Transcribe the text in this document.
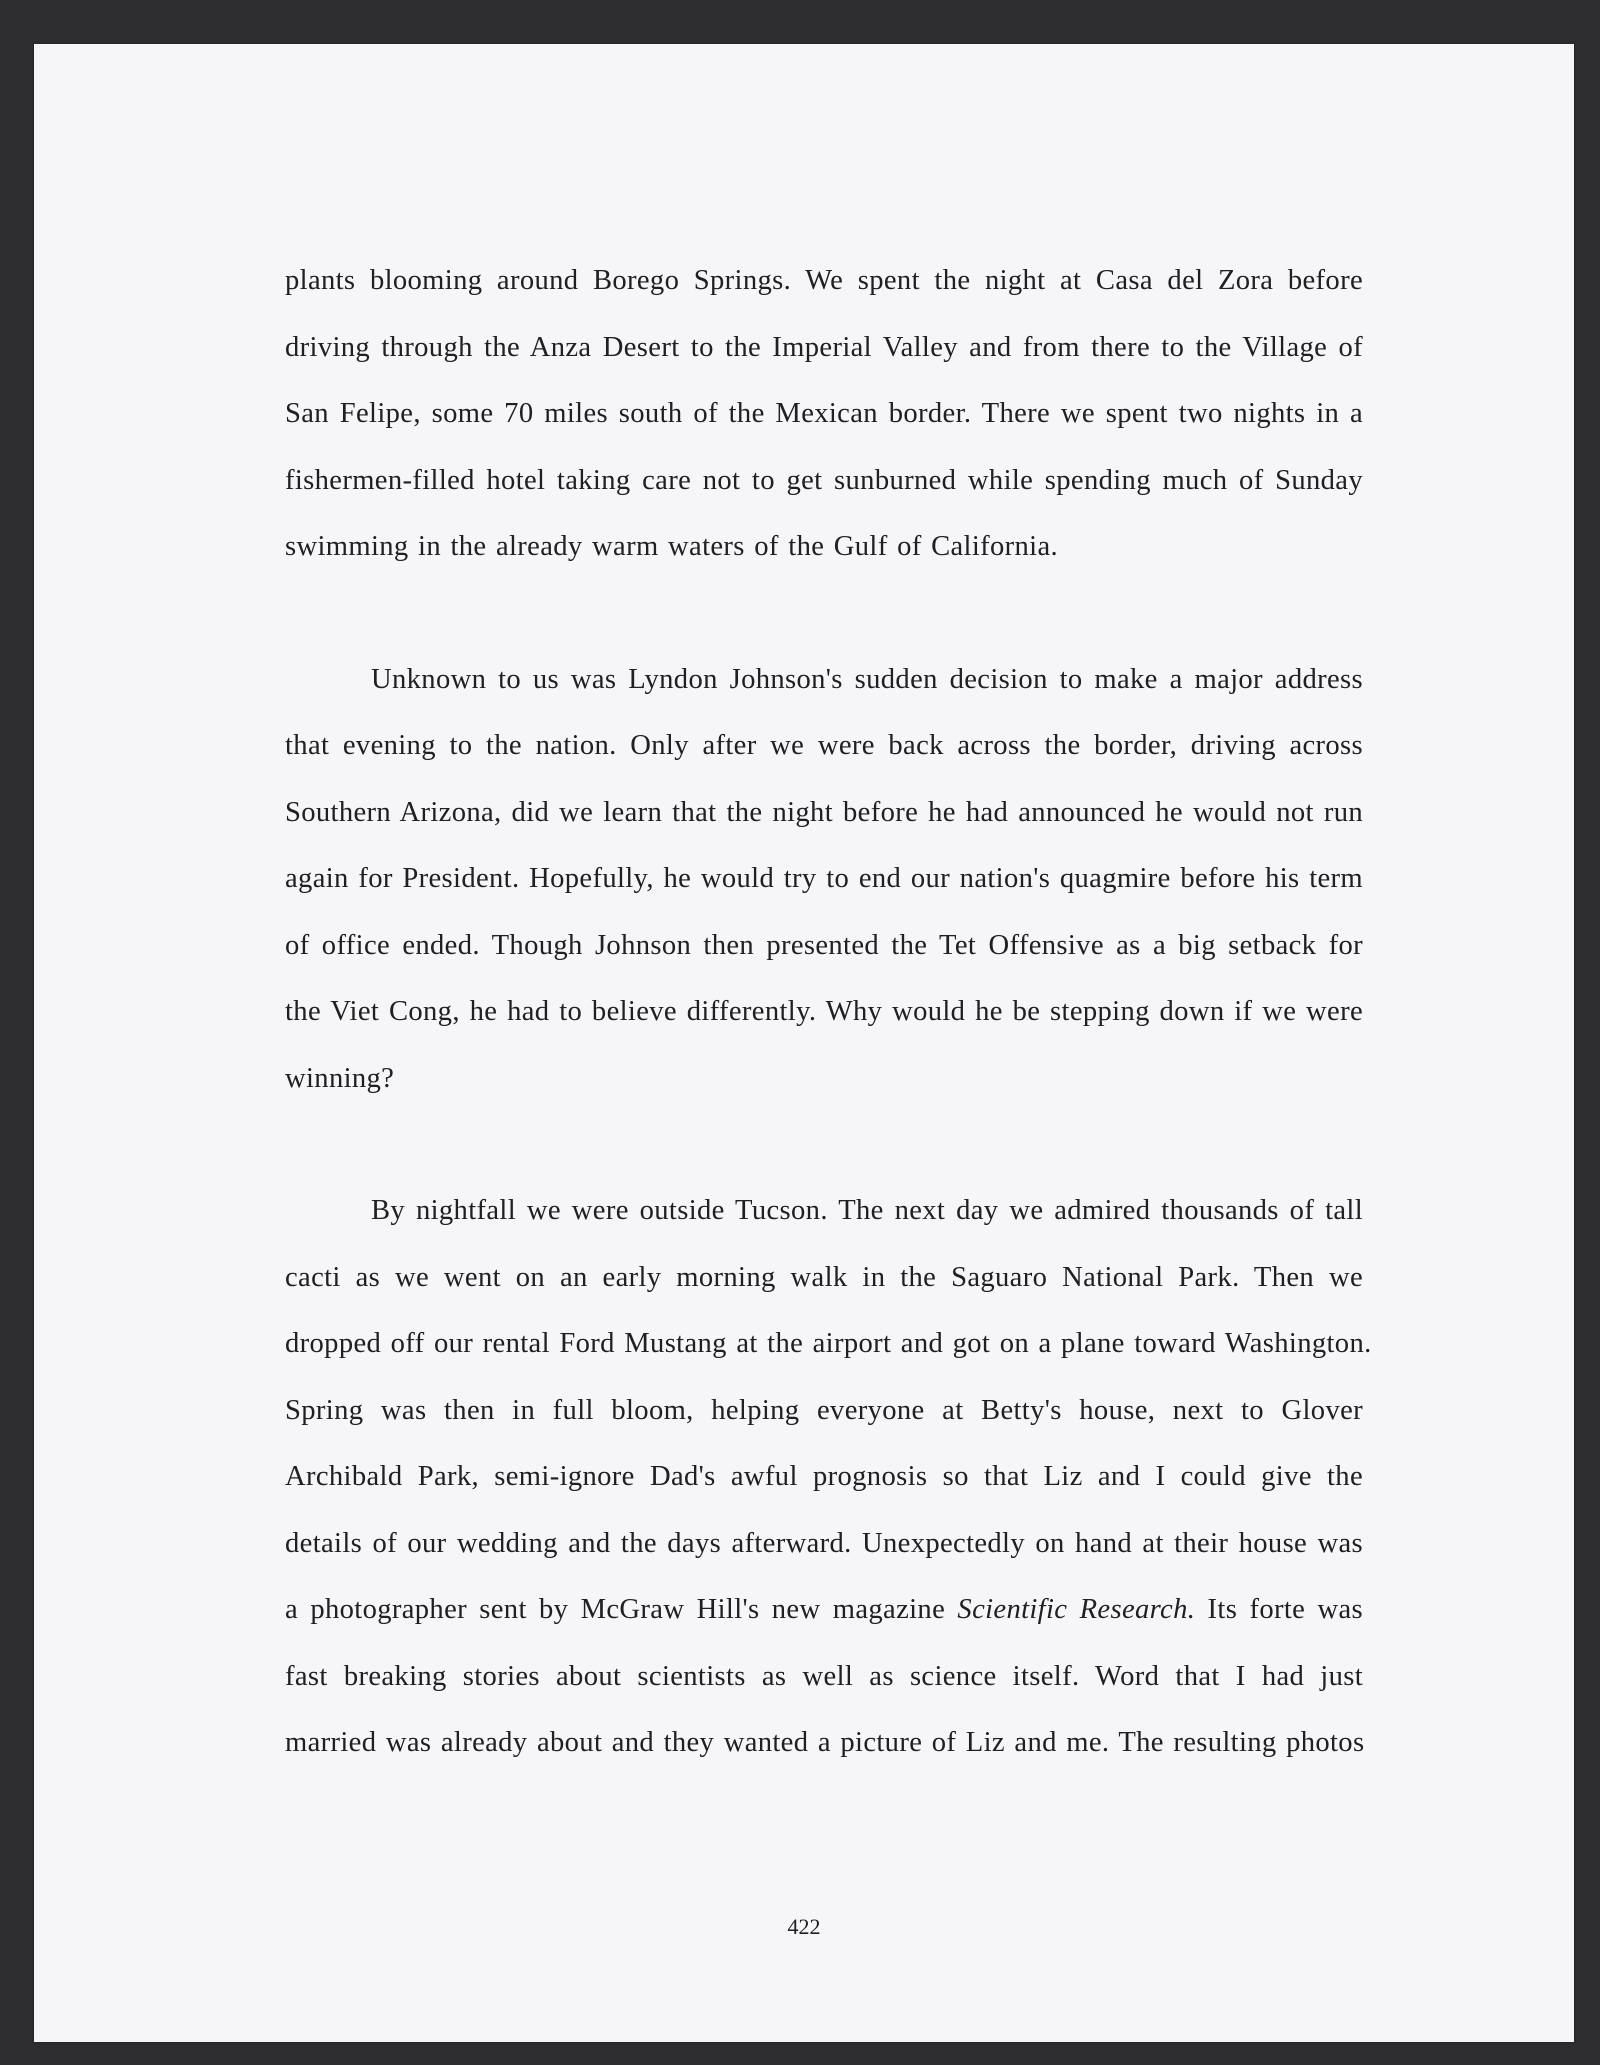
plants blooming around Borego Springs. We spent the night at Casa del Zora before
driving through the Anza Desert to the Imperial Valley and from there to the Village of
San Felipe, some 70 miles south of the Mexican border. There we spent two nights in a
fishermen-filled hotel taking care not to get sunburned while spending much of Sunday
swimming in the already warm waters of the Gulf of California.
Unknown to us was Lyndon Johnson's sudden decision to make a major address
that evening to the nation. Only after we were back across the border, driving across
Southern Arizona, did we learn that the night before he had announced he would not run
again for President. Hopefully, he would try to end our nation's quagmire before his term
of office ended. Though Johnson then presented the Tet Offensive as a big setback for
the Viet Cong, he had to believe differently. Why would he be stepping down if we were
winning?
By nightfall we were outside Tucson. The next day we admired thousands of tall
cacti as we went on an early morning walk in the Saguaro National Park. Then we
dropped off our rental Ford Mustang at the airport and got on a plane toward Washington.
Spring was then in full bloom, helping everyone at Betty's house, next to Glover
Archibald Park, semi-ignore Dad's awful prognosis so that Liz and I could give the
details of our wedding and the days afterward. Unexpectedly on hand at their house was
a photographer sent by McGraw Hill's new magazine Scientific Research. Its forte was
fast breaking stories about scientists as well as science itself. Word that I had just
married was already about and they wanted a picture of Liz and me. The resulting photos
422
